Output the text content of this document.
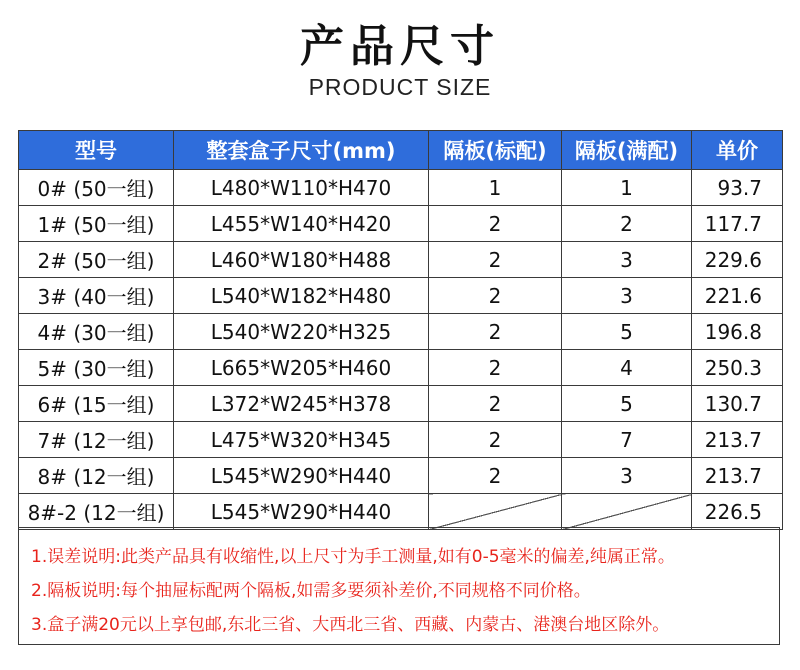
产品尺寸
PRODUCT SIZE
型号	整套盒子尺寸(mm)	隔板(标配)	隔板(满配)	单价
0# (50一组)	L480*W110*H470	1	1	93.7
1# (50一组)	L455*W140*H420	2	2	117.7
2# (50一组)	L460*W180*H488	2	3	229.6
3# (40一组)	L540*W182*H480	2	3	221.6
4# (30一组)	L540*W220*H325	2	5	196.8
5# (30一组)	L665*W205*H460	2	4	250.3
6# (15一组)	L372*W245*H378	2	5	130.7
7# (12一组)	L475*W320*H345	2	7	213.7
8# (12一组)	L545*W290*H440	2	3	213.7
8#-2 (12一组)	L545*W290*H440			226.5
1.误差说明:此类产品具有收缩性,以上尺寸为手工测量,如有0-5毫米的偏差,纯属正常。
2.隔板说明:每个抽屉标配两个隔板,如需多要须补差价,不同规格不同价格。
3.盒子满20元以上享包邮,东北三省、大西北三省、西藏、内蒙古、港澳台地区除外。
